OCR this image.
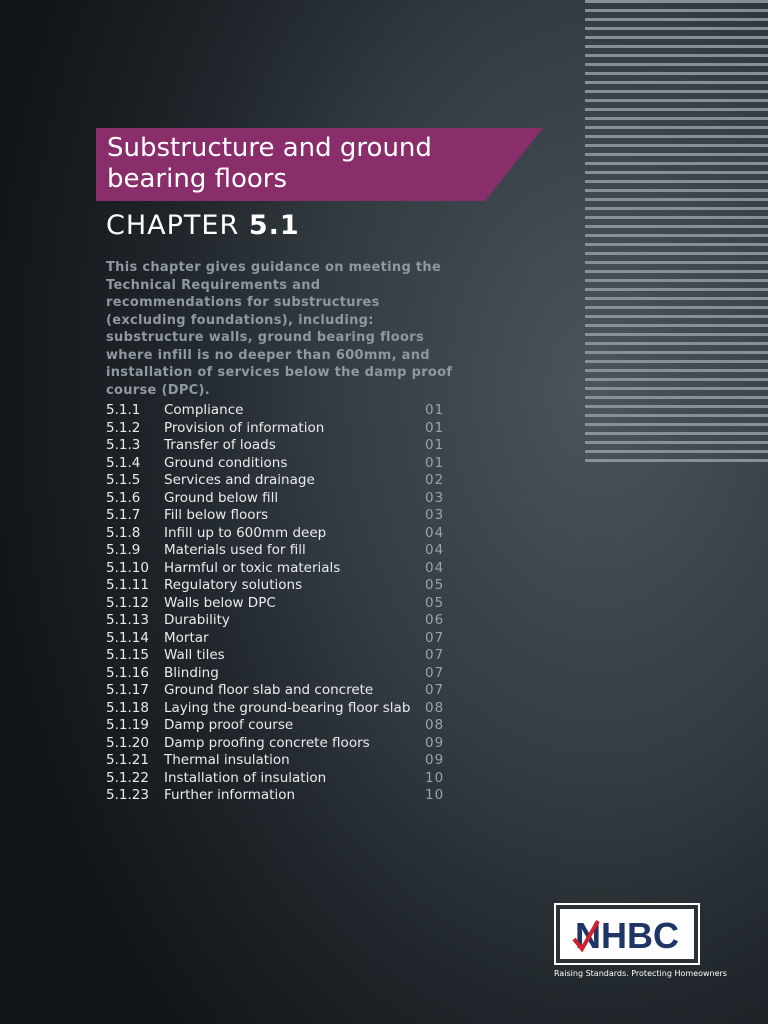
Substructure and ground
bearing floors
CHAPTER 5.1
This chapter gives guidance on meeting the Technical Requirements and recommendations for substructures (excluding foundations), including: substructure walls, ground bearing floors where infill is no deeper than 600mm, and installation of services below the damp proof course (DPC).
5.1.1 Compliance	01
5.1.2 Provision of information	01
5.1.3 Transfer of loads	01
5.1.4 Ground conditions	01
5.1.5 Services and drainage	02
5.1.6 Ground below fill	03
5.1.7 Fill below floors	03
5.1.8 Infill up to 600mm deep	04
5.1.9 Materials used for fill	04
5.1.10 Harmful or toxic materials	04
5.1.11 Regulatory solutions	05
5.1.12 Walls below DPC	05
5.1.13 Durability	06
5.1.14 Mortar	07
5.1.15 Wall tiles	07
5.1.16 Blinding	07
5.1.17 Ground floor slab and concrete	07
5.1.18 Laying the ground-bearing floor slab 08
5.1.19 Damp proof course	08
5.1.20 Damp proofing concrete floors	09
5.1.21 Thermal insulation	09
5.1.22 Installation of insulation	10
5.1.23 Further information	10
NHBC
Raising Standards. Protecting Homeowners
